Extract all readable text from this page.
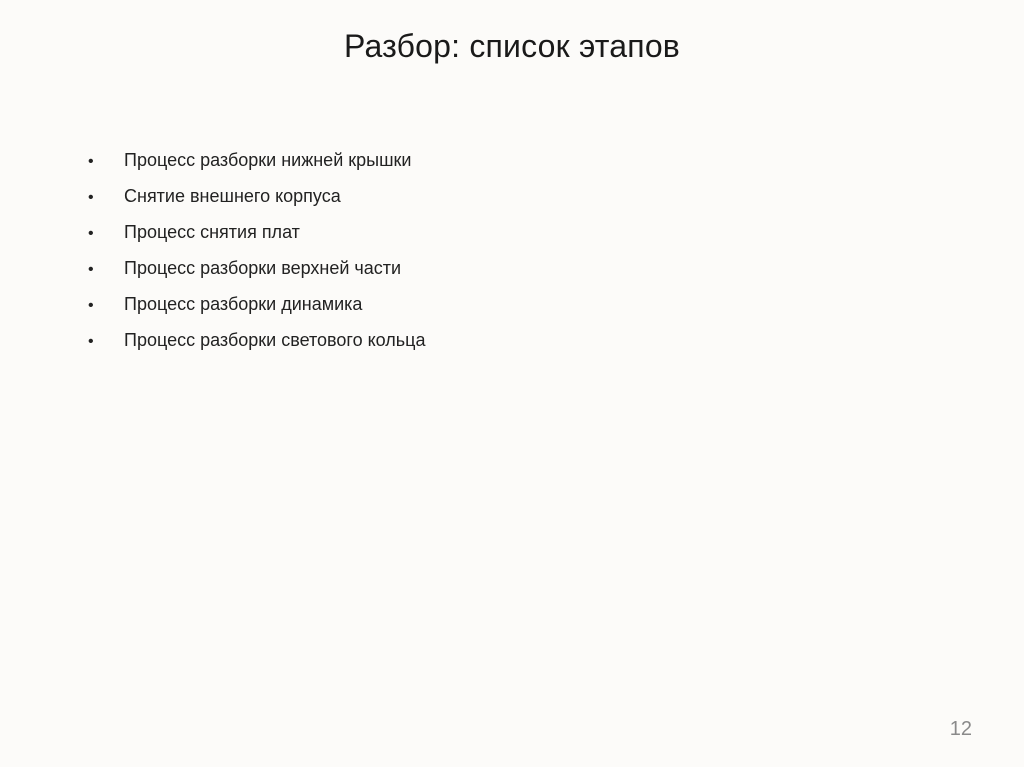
Разбор: список этапов
•	Процесс разборки нижней крышки
•	Снятие внешнего корпуса
•	Процесс снятия плат
•	Процесс разборки верхней части
•	Процесс разборки динамика
•	Процесс разборки светового кольца
12
